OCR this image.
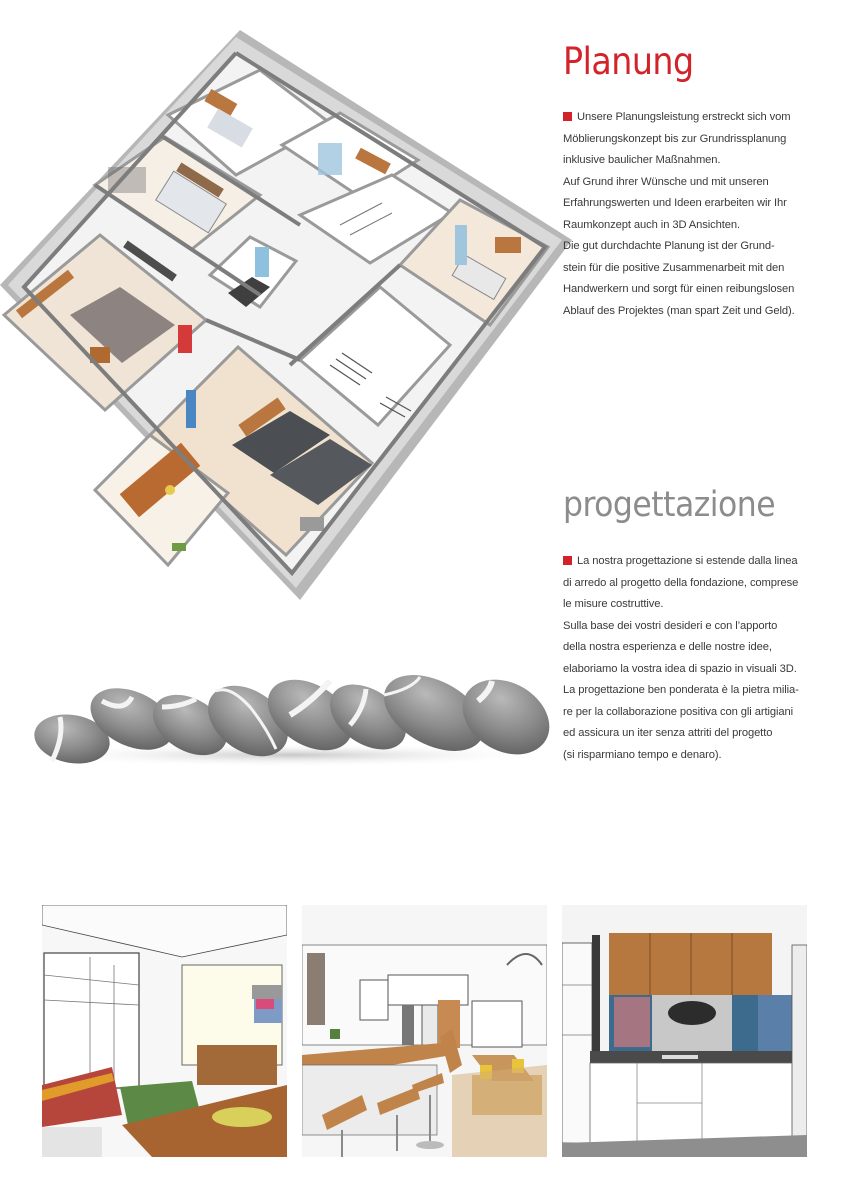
Planung
Unsere Planungsleistung erstreckt sich vom
Möblierungskonzept bis zur Grundrissplanung
inklusive baulicher Maßnahmen.
Auf Grund ihrer Wünsche und mit unseren
Erfahrungswerten und Ideen erarbeiten wir Ihr
Raumkonzept auch in 3D Ansichten.
Die gut durchdachte Planung ist der Grund-
stein für die positive Zusammenarbeit mit den
Handwerkern und sorgt für einen reibungslosen
Ablauf des Projektes (man spart Zeit und Geld).
progettazione
La nostra progettazione si estende dalla linea
di arredo al progetto della fondazione, comprese
le misure costruttive.
Sulla base dei vostri desideri e con l’apporto
della nostra esperienza e delle nostre idee,
elaboriamo la vostra idea di spazio in visuali 3D.
La progettazione ben ponderata è la pietra milia-
re per la collaborazione positiva con gli artigiani
ed assicura un iter senza attriti del progetto
(si risparmiano tempo e denaro).
